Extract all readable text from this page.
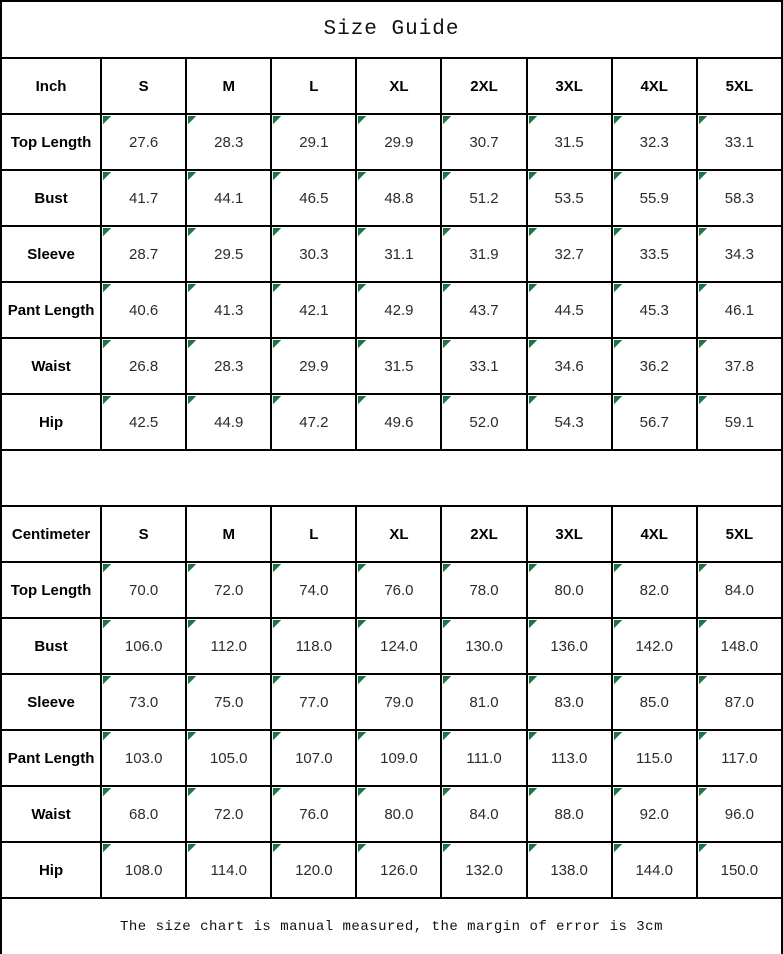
Size Guide								
Inch	S	M	L	XL	2XL	3XL	4XL	5XL
Top Length	27.6	28.3	29.1	29.9	30.7	31.5	32.3	33.1
Bust	41.7	44.1	46.5	48.8	51.2	53.5	55.9	58.3
Sleeve	28.7	29.5	30.3	31.1	31.9	32.7	33.5	34.3
Pant Length	40.6	41.3	42.1	42.9	43.7	44.5	45.3	46.1
Waist	26.8	28.3	29.9	31.5	33.1	34.6	36.2	37.8
Hip	42.5	44.9	47.2	49.6	52.0	54.3	56.7	59.1

Centimeter	S	M	L	XL	2XL	3XL	4XL	5XL
Top Length	70.0	72.0	74.0	76.0	78.0	80.0	82.0	84.0
Bust	106.0	112.0	118.0	124.0	130.0	136.0	142.0	148.0
Sleeve	73.0	75.0	77.0	79.0	81.0	83.0	85.0	87.0
Pant Length	103.0	105.0	107.0	109.0	111.0	113.0	115.0	117.0
Waist	68.0	72.0	76.0	80.0	84.0	88.0	92.0	96.0
Hip	108.0	114.0	120.0	126.0	132.0	138.0	144.0	150.0
The size chart is manual measured, the margin of error is 3cm								
